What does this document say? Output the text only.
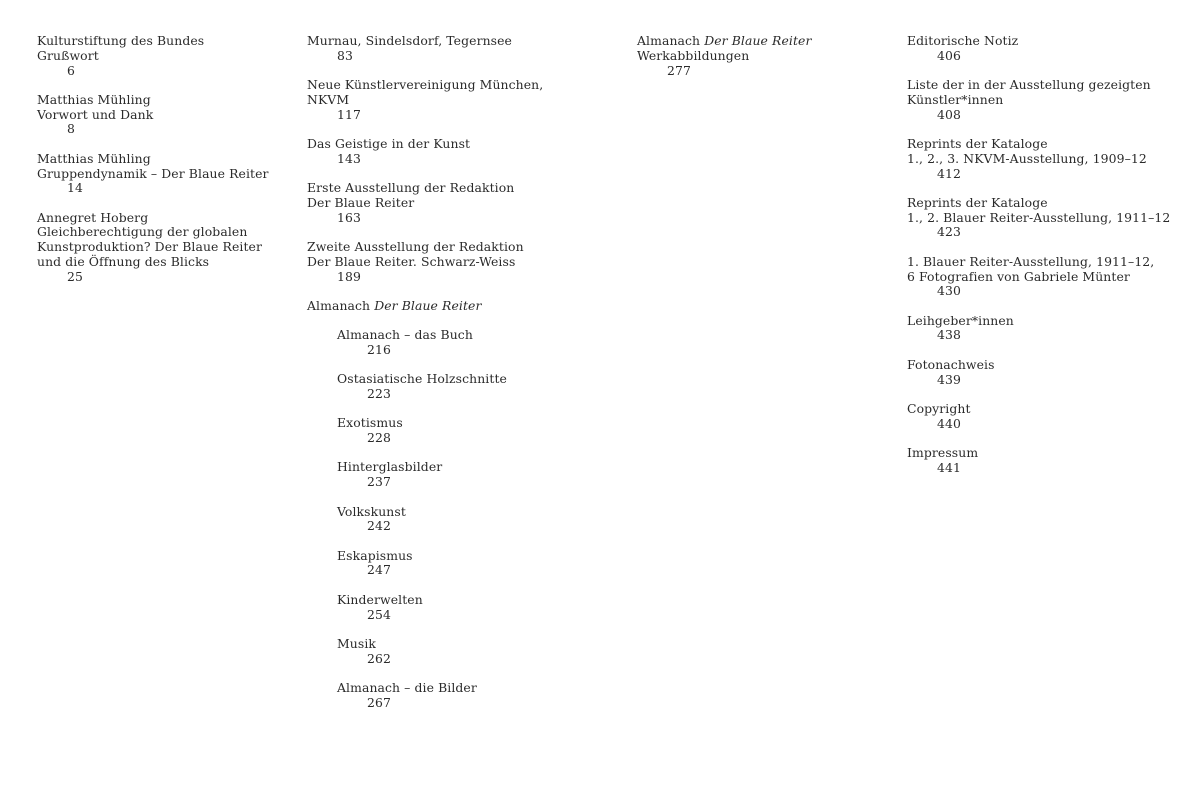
Kulturstiftung des Bundes
Grußwort
6
Matthias Mühling
Vorwort und Dank
8
Matthias Mühling
Gruppendynamik – Der Blaue Reiter
14
Annegret Hoberg
Gleichberechtigung der globalen
Kunstproduktion? Der Blaue Reiter
und die Öffnung des Blicks
25
Murnau, Sindelsdorf, Tegernsee
83
Neue Künstlervereinigung München,
NKVM
117
Das Geistige in der Kunst
143
Erste Ausstellung der Redaktion
Der Blaue Reiter
163
Zweite Ausstellung der Redaktion
Der Blaue Reiter. Schwarz-Weiss
189
Almanach Der Blaue Reiter
Almanach – das Buch
216
Ostasiatische Holzschnitte
223
Exotismus
228
Hinterglasbilder
237
Volkskunst
242
Eskapismus
247
Kinderwelten
254
Musik
262
Almanach – die Bilder
267
Almanach Der Blaue Reiter
Werkabbildungen
277
Editorische Notiz
406
Liste der in der Ausstellung gezeigten
Künstler*innen
408
Reprints der Kataloge
1., 2., 3. NKVM-Ausstellung, 1909–12
412
Reprints der Kataloge
1., 2. Blauer Reiter-Ausstellung, 1911–12
423
1. Blauer Reiter-Ausstellung, 1911–12,
6 Fotografien von Gabriele Münter
430
Leihgeber*innen
438
Fotonachweis
439
Copyright
440
Impressum
441
